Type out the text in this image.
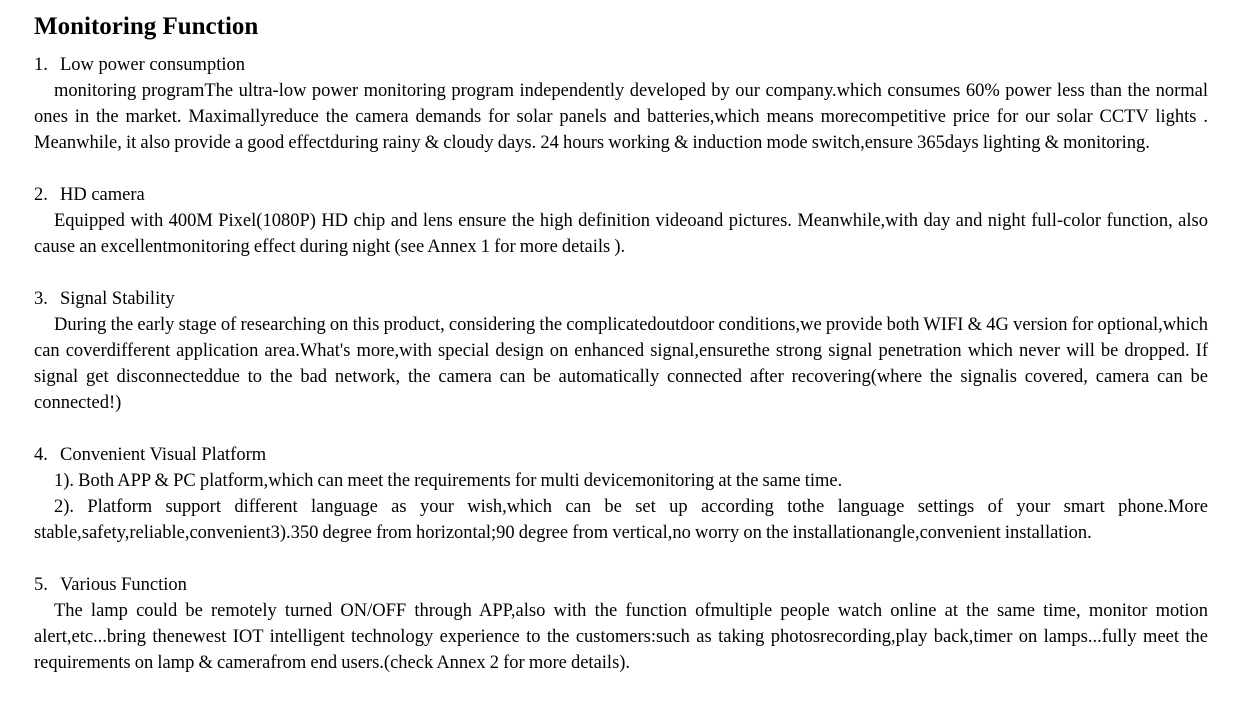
Monitoring Function

1. Low power consumption

monitoring programThe ultra-low power monitoring program independently developed by our company.which consumes 60% power less than the normal ones in the market. Maximallyreduce the camera demands for solar panels and batteries,which means morecompetitive price for our solar CCTV lights . Meanwhile, it also provide a good effectduring rainy & cloudy days. 24 hours working & induction mode switch,ensure 365days lighting & monitoring.

2. HD camera

Equipped with 400M Pixel(1080P) HD chip and lens ensure the high definition videoand pictures. Meanwhile,with day and night full-color function, also cause an excellentmonitoring effect during night (see Annex 1 for more details ).

3. Signal Stability

During the early stage of researching on this product, considering the complicatedoutdoor conditions,we provide both WIFI & 4G version for optional,which can coverdifferent application area.What's more,with special design on enhanced signal,ensurethe strong signal penetration which never will be dropped. If signal get disconnecteddue to the bad network, the camera can be automatically connected after recovering(where the signalis covered, camera can be connected!)

4. Convenient Visual Platform

1). Both APP & PC platform,which can meet the requirements for multi devicemonitoring at the same time.

2). Platform support different language as your wish,which can be set up according tothe language settings of your smart phone.More stable,safety,reliable,convenient3).350 degree from horizontal;90 degree from vertical,no worry on the installationangle,convenient installation.

5. Various Function

The lamp could be remotely turned ON/OFF through APP,also with the function ofmultiple people watch online at the same time, monitor motion alert,etc...bring thenewest IOT intelligent technology experience to the customers:such as taking photosrecording,play back,timer on lamps...fully meet the requirements on lamp & camerafrom end users.(check Annex 2 for more details).
